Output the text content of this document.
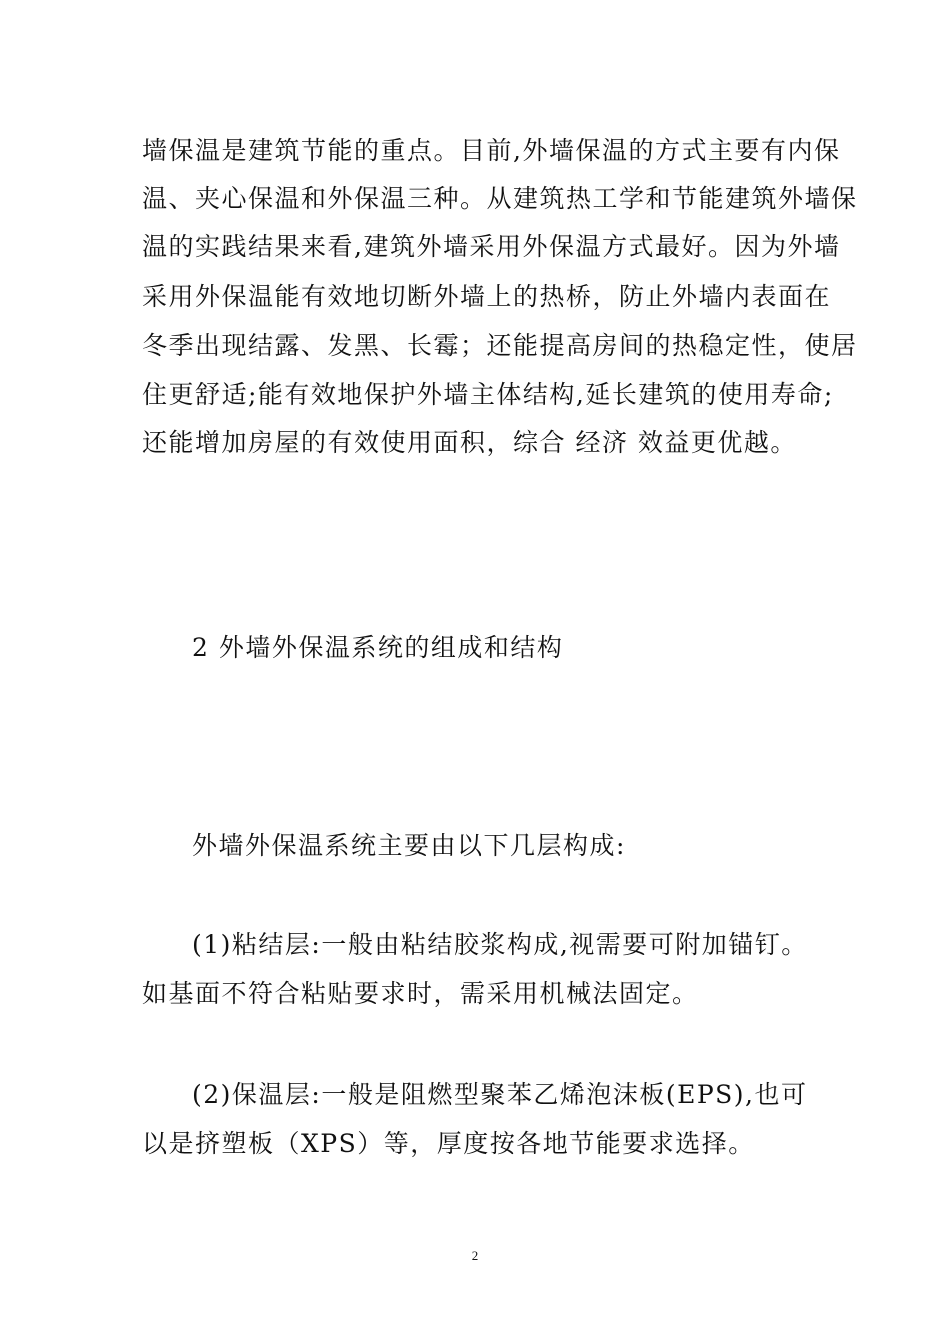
墙保温是建筑节能的重点。目前,外墙保温的方式主要有内保
温、夹心保温和外保温三种。从建筑热工学和节能建筑外墙保
温的实践结果来看,建筑外墙采用外保温方式最好。因为外墙
采用外保温能有效地切断外墙上的热桥，防止外墙内表面在
冬季出现结露、发黑、长霉；还能提高房间的热稳定性，使居
住更舒适;能有效地保护外墙主体结构,延长建筑的使用寿命;
还能增加房屋的有效使用面积，综合 经济 效益更优越。
2 外墙外保温系统的组成和结构
外墙外保温系统主要由以下几层构成:
(1)粘结层:一般由粘结胶浆构成,视需要可附加锚钉。
如基面不符合粘贴要求时，需采用机械法固定。
(2)保温层:一般是阻燃型聚苯乙烯泡沫板(EPS),也可
以是挤塑板（XPS）等，厚度按各地节能要求选择。
2
